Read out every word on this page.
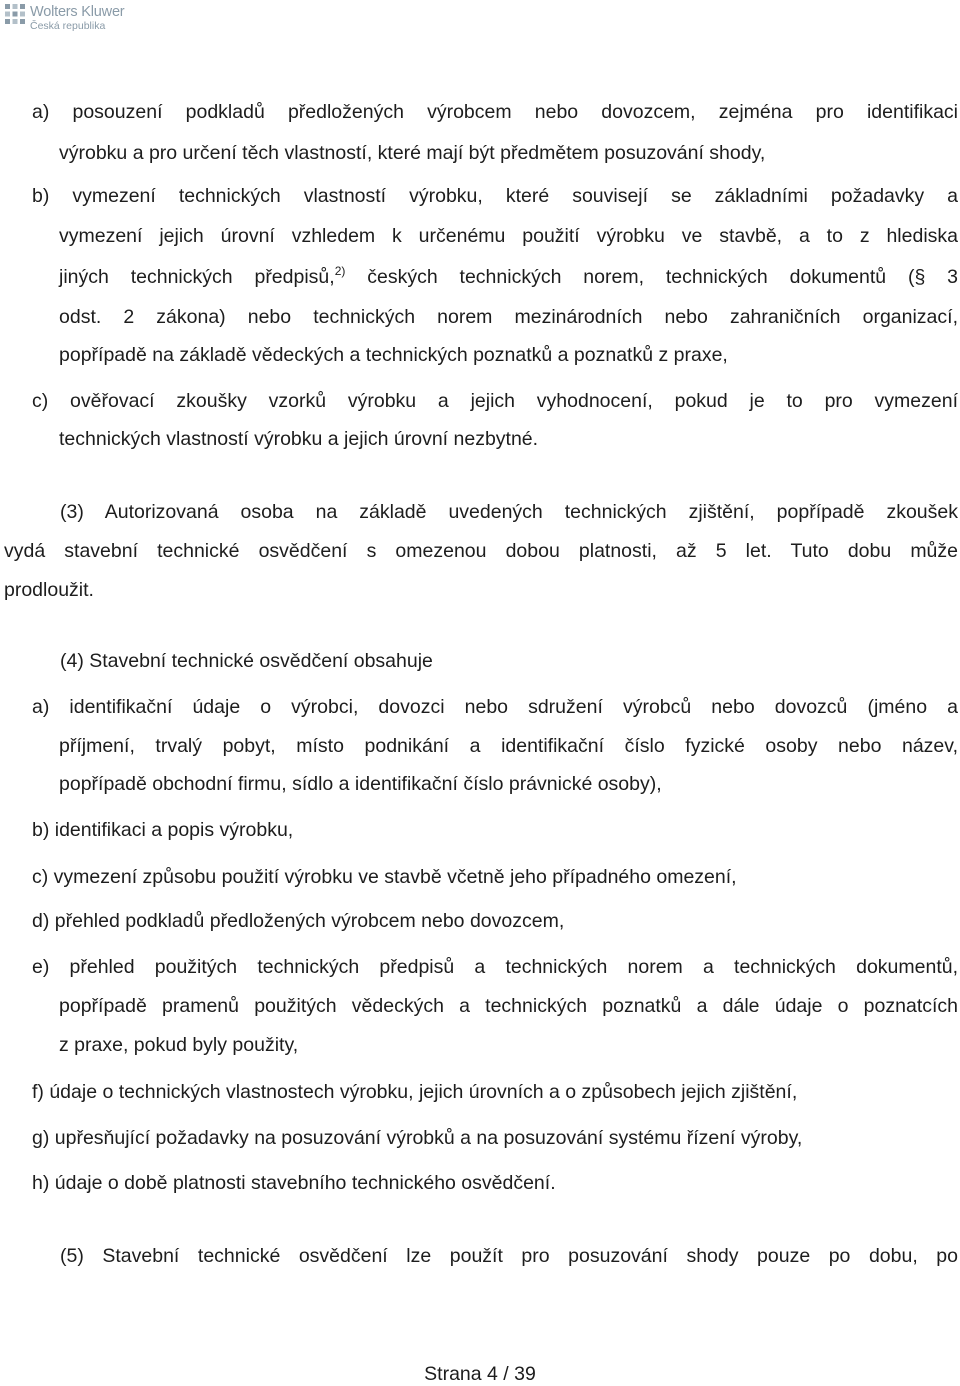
Wolters Kluwer
Česká republika
a) posouzení podkladů předložených výrobcem nebo dovozcem, zejména pro identifikaci
výrobku a pro určení těch vlastností, které mají být předmětem posuzování shody,
b) vymezení technických vlastností výrobku, které souvisejí se základními požadavky a
vymezení jejich úrovní vzhledem k určenému použití výrobku ve stavbě, a to z hlediska
jiných technických předpisů,$^{2)}$ českých technických norem, technických dokumentů (§ 3
odst. 2 zákona) nebo technických norem mezinárodních nebo zahraničních organizací,
popřípadě na základě vědeckých a technických poznatků a poznatků z praxe,
c) ověřovací zkoušky vzorků výrobku a jejich vyhodnocení, pokud je to pro vymezení
technických vlastností výrobku a jejich úrovní nezbytné.
(3) Autorizovaná osoba na základě uvedených technických zjištění, popřípadě zkoušek
vydá stavební technické osvědčení s omezenou dobou platnosti, až 5 let. Tuto dobu může
prodloužit.
(4) Stavební technické osvědčení obsahuje
a) identifikační údaje o výrobci, dovozci nebo sdružení výrobců nebo dovozců (jméno a
příjmení, trvalý pobyt, místo podnikání a identifikační číslo fyzické osoby nebo název,
popřípadě obchodní firmu, sídlo a identifikační číslo právnické osoby),
b) identifikaci a popis výrobku,
c) vymezení způsobu použití výrobku ve stavbě včetně jeho případného omezení,
d) přehled podkladů předložených výrobcem nebo dovozcem,
e) přehled použitých technických předpisů a technických norem a technických dokumentů,
popřípadě pramenů použitých vědeckých a technických poznatků a dále údaje o poznatcích
z praxe, pokud byly použity,
f) údaje o technických vlastnostech výrobku, jejich úrovních a o způsobech jejich zjištění,
g) upřesňující požadavky na posuzování výrobků a na posuzování systému řízení výroby,
h) údaje o době platnosti stavebního technického osvědčení.
(5) Stavební technické osvědčení lze použít pro posuzování shody pouze po dobu, po
Strana 4 / 39
